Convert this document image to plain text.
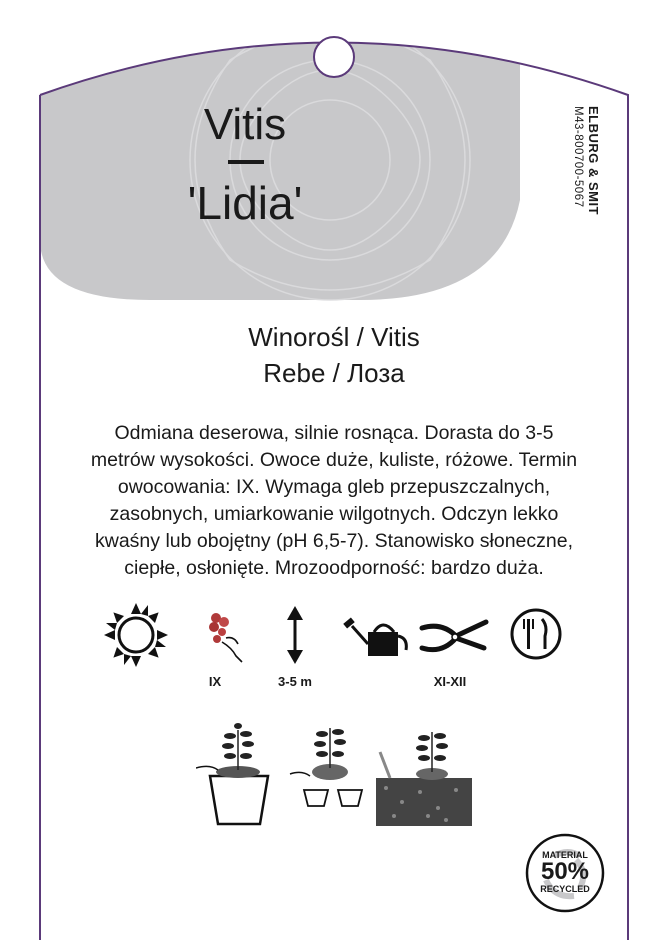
Vitis
'Lidia'	ELBURG & SMIT
M43-800700-5067
Winorośl / Vitis
Rebe / Лоза
Odmiana deserowa, silnie rosnąca. Dorasta do 3-5
metrów wysokości. Owoce duże, kuliste, różowe. Termin
owocowania: IX. Wymaga gleb przepuszczalnych,
zasobnych, umiarkowanie wilgotnych. Odczyn lekko
kwaśny lub obojętny (pH 6,5-7). Stanowisko słoneczne,
ciepłe, osłonięte. Mrozoodporność: bardzo duża.
IX	3-5 m	XI-XII
MATERIAL
50%
RECYCLED
